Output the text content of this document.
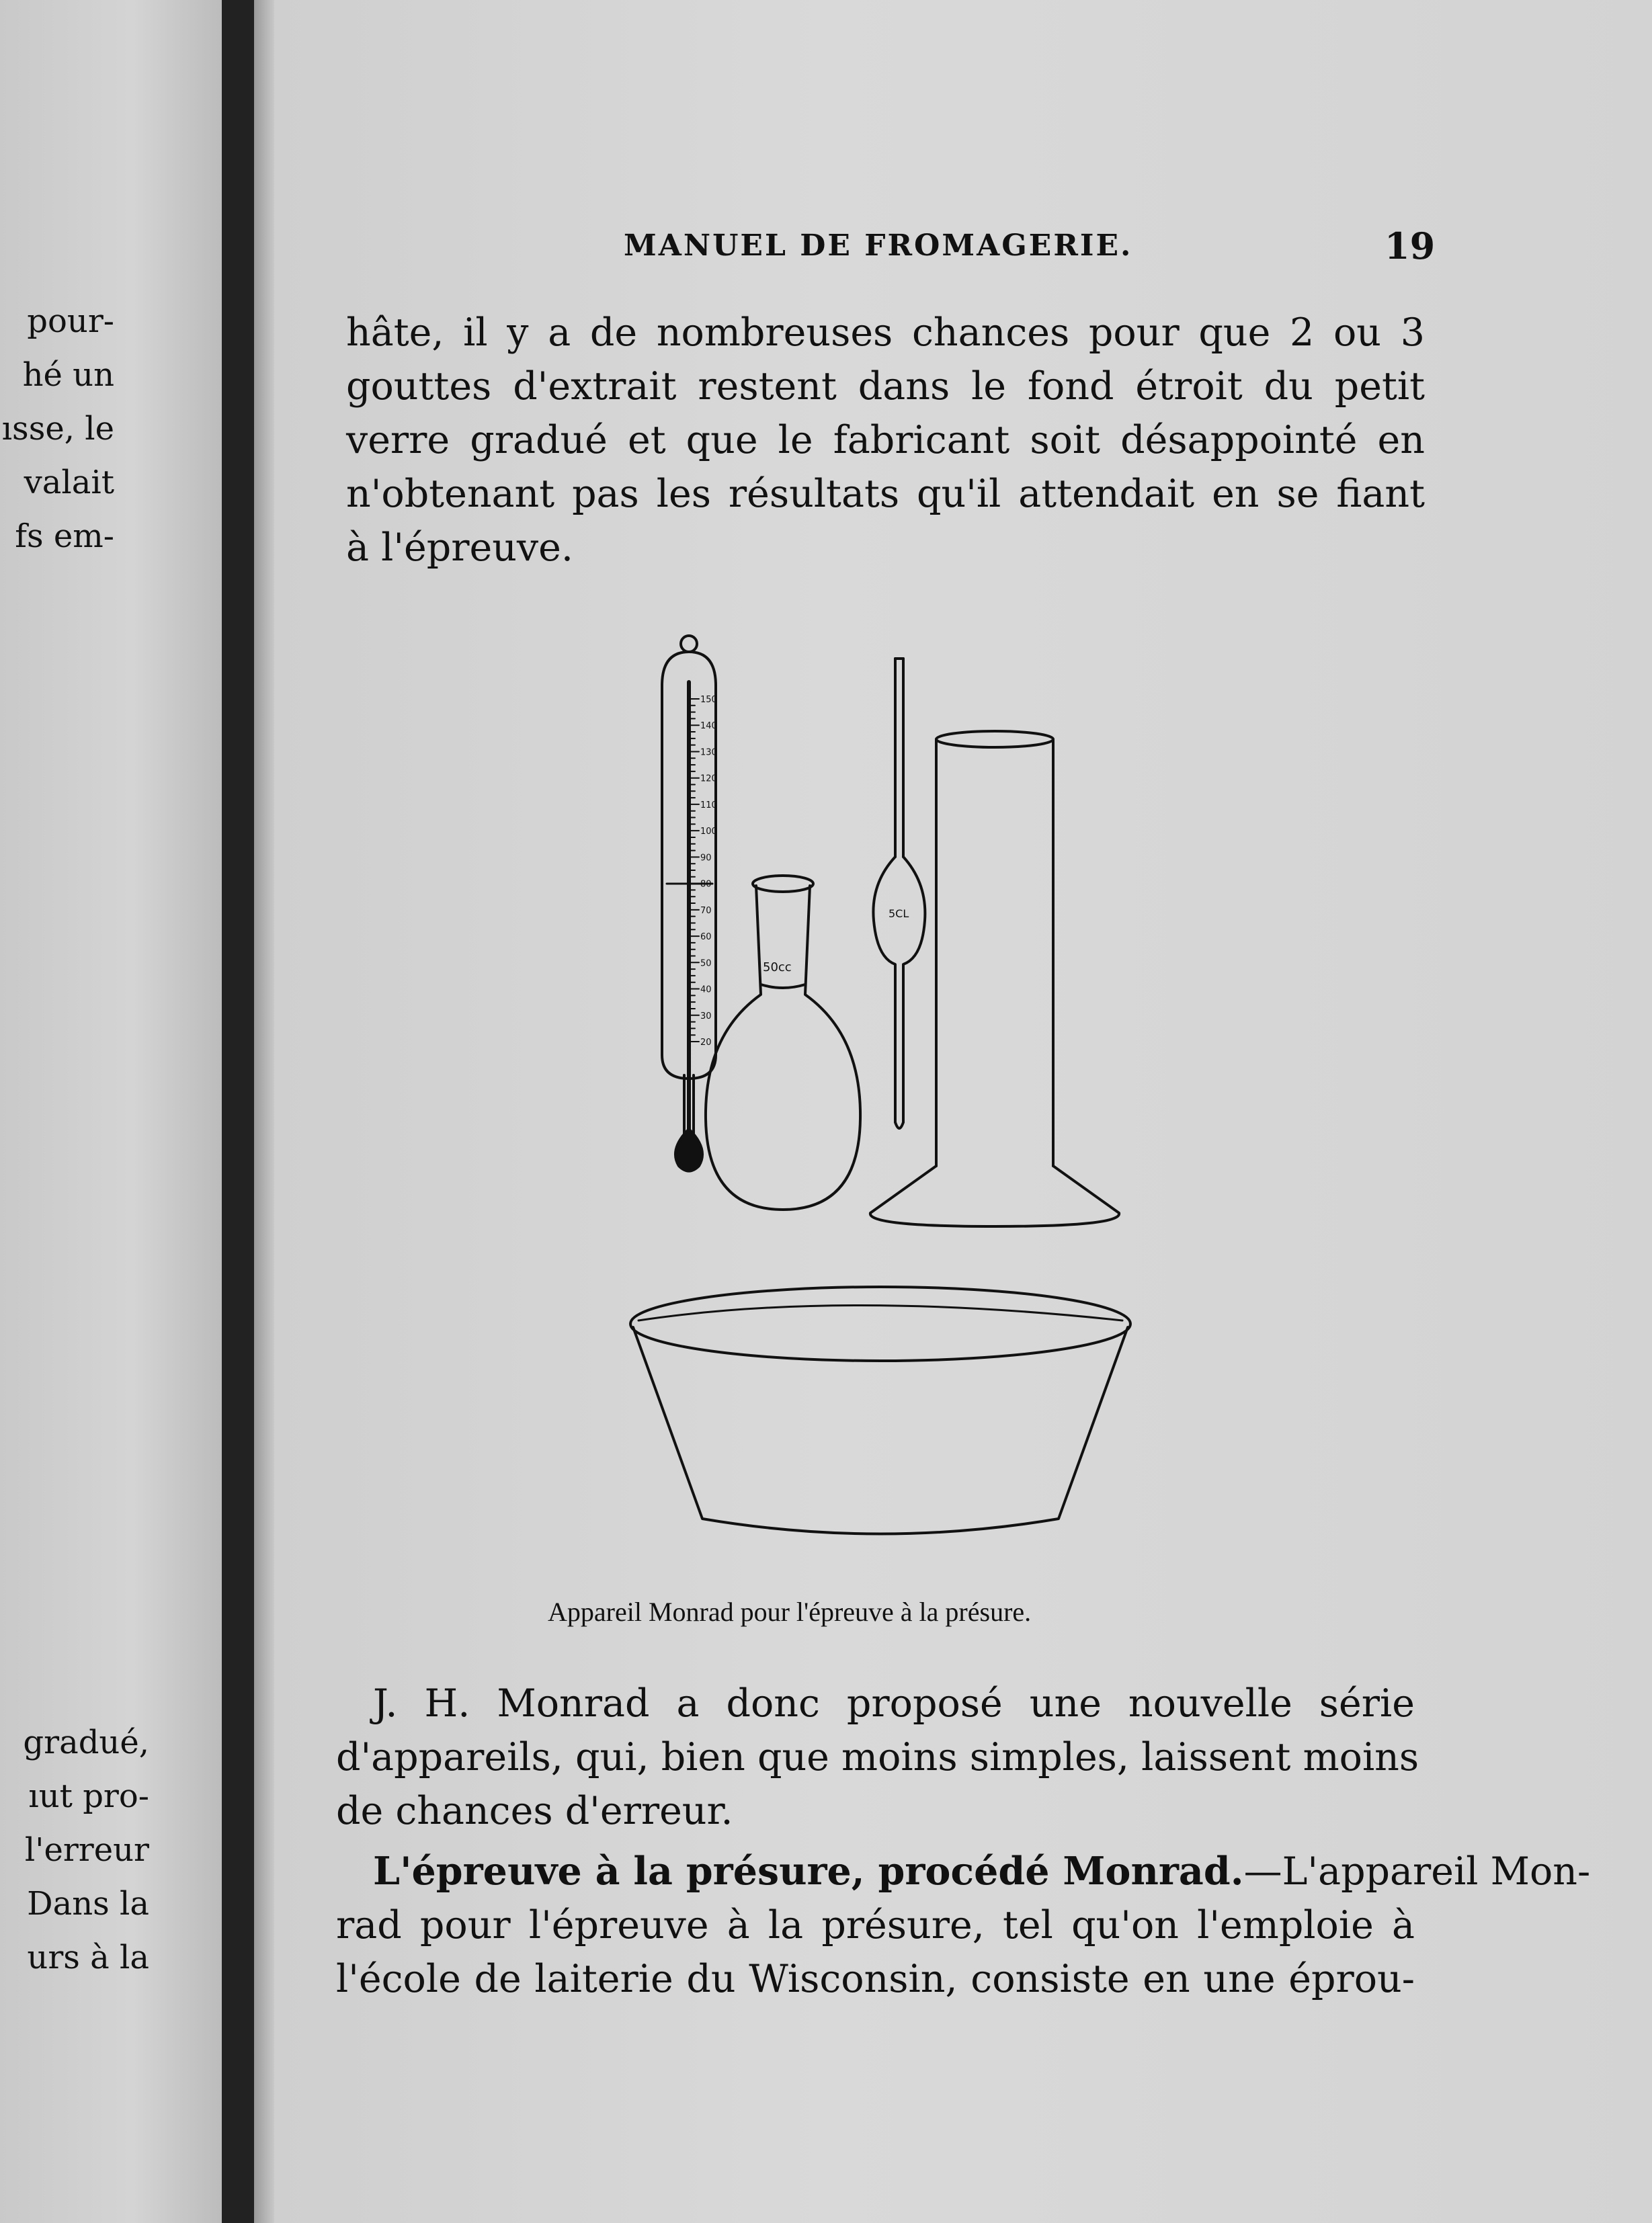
pour-
hé un
ısse, le
valait
fs em-
gradué,
ıut pro-
l'erreur
Dans la
urs à la
MANUEL DE FROMAGERIE.	19
hâte, il y a de nombreuses chances pour que 2 ou 3
gouttes d'extrait restent dans le fond étroit du petit
verre gradué et que le fabricant soit désappointé en
n'obtenant pas les résultats qu'il attendait en se fiant
à l'épreuve.
150
140
130
120
110
100
90
80
70
60
50
40
30
20
50cc
5CL
Appareil Monrad pour l'épreuve à la présure.
J. H. Monrad a donc proposé une nouvelle série
d'appareils, qui, bien que moins simples, laissent moins
de chances d'erreur.
L'épreuve à la présure, procédé Monrad.—L'appareil Mon-
rad pour l'épreuve à la présure, tel qu'on l'emploie à
l'école de laiterie du Wisconsin, consiste en une éprou-
